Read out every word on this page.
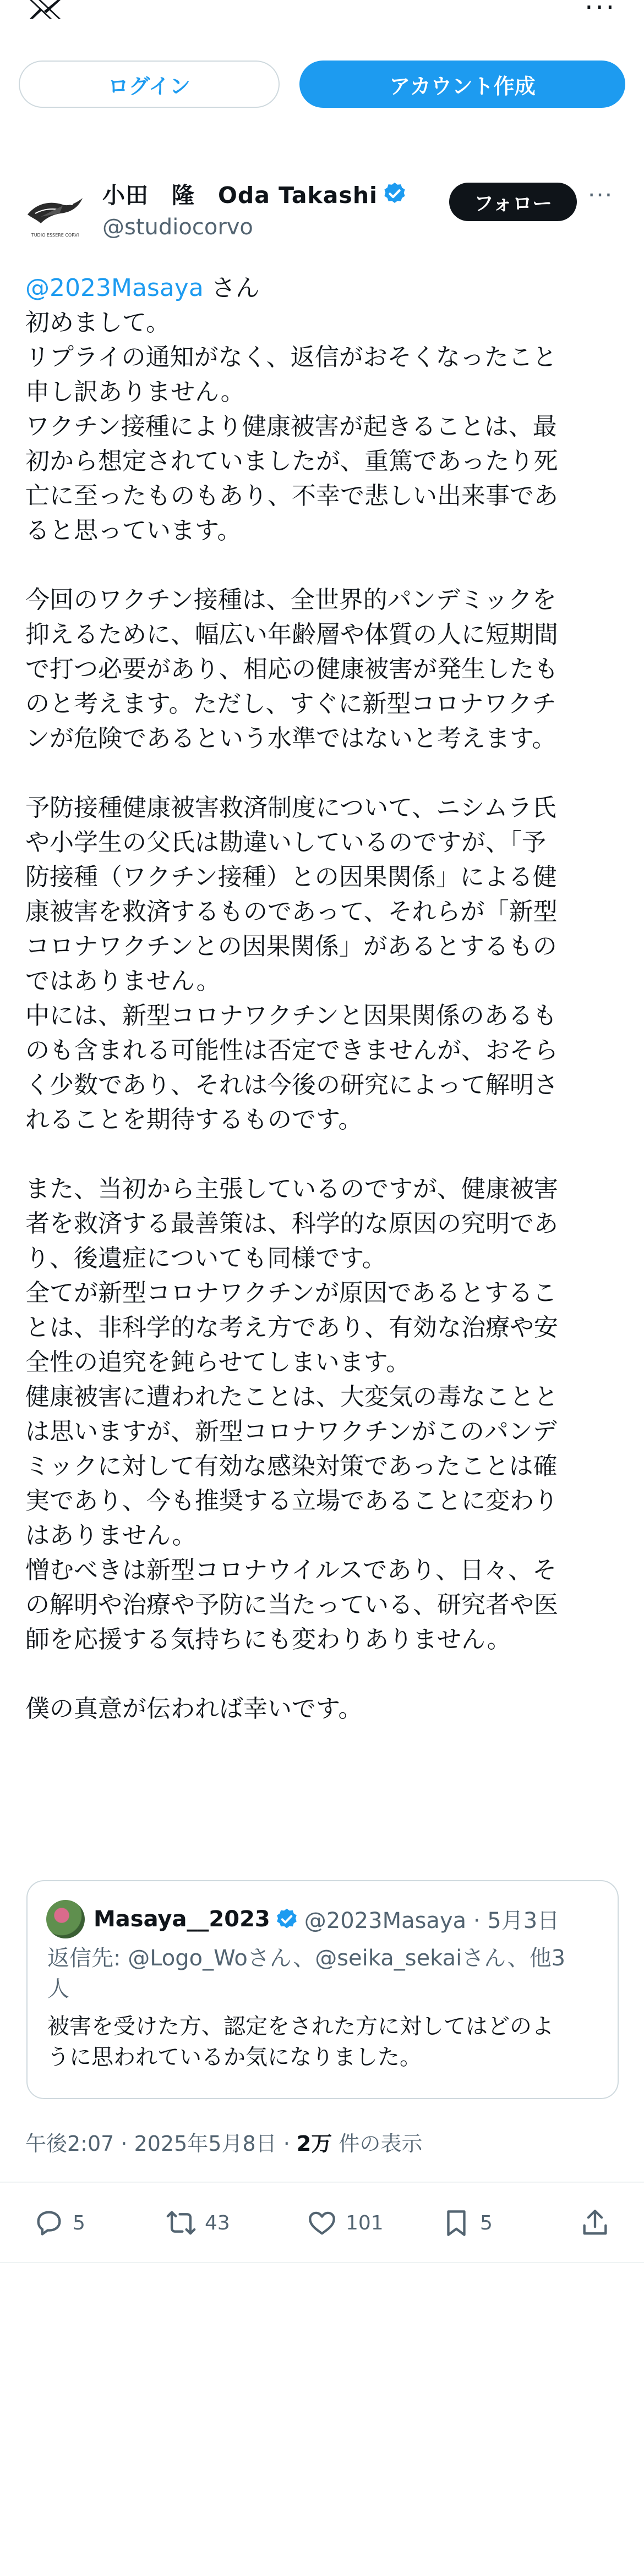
···
ログイン	アカウント作成
TUDIO ESSERE CORVI
小田　隆　Oda Takashi
@studiocorvo
フォロー	···
@2023Masaya さん
初めまして。
リプライの通知がなく、返信がおそくなったこと
申し訳ありません。
ワクチン接種により健康被害が起きることは、最
初から想定されていましたが、重篤であったり死
亡に至ったものもあり、不幸で悲しい出来事であ
ると思っています。
今回のワクチン接種は、全世界的パンデミックを
抑えるために、幅広い年齢層や体質の人に短期間
で打つ必要があり、相応の健康被害が発生したも
のと考えます。ただし、すぐに新型コロナワクチ
ンが危険であるという水準ではないと考えます。
予防接種健康被害救済制度について、ニシムラ氏
や小学生の父氏は勘違いしているのですが、「予
防接種（ワクチン接種）との因果関係」による健
康被害を救済するものであって、それらが「新型
コロナワクチンとの因果関係」があるとするもの
ではありません。
中には、新型コロナワクチンと因果関係のあるも
のも含まれる可能性は否定できませんが、おそら
く少数であり、それは今後の研究によって解明さ
れることを期待するものです。
また、当初から主張しているのですが、健康被害
者を救済する最善策は、科学的な原因の究明であ
り、後遺症についても同様です。
全てが新型コロナワクチンが原因であるとするこ
とは、非科学的な考え方であり、有効な治療や安
全性の追究を鈍らせてしまいます。
健康被害に遭われたことは、大変気の毒なことと
は思いますが、新型コロナワクチンがこのパンデ
ミックに対して有効な感染対策であったことは確
実であり、今も推奨する立場であることに変わり
はありません。
憎むべきは新型コロナウイルスであり、日々、そ
の解明や治療や予防に当たっている、研究者や医
師を応援する気持ちにも変わりありません。
僕の真意が伝われば幸いです。
Masaya__2023 @2023Masaya · 5月3日
返信先: @Logo_Woさん、@seika_sekaiさん、他3
人
被害を受けた方、認定をされた方に対してはどのよ
うに思われているか気になりました。
午後2:07 · 2025年5月8日 · 2万 件の表示
5	43	101	5
